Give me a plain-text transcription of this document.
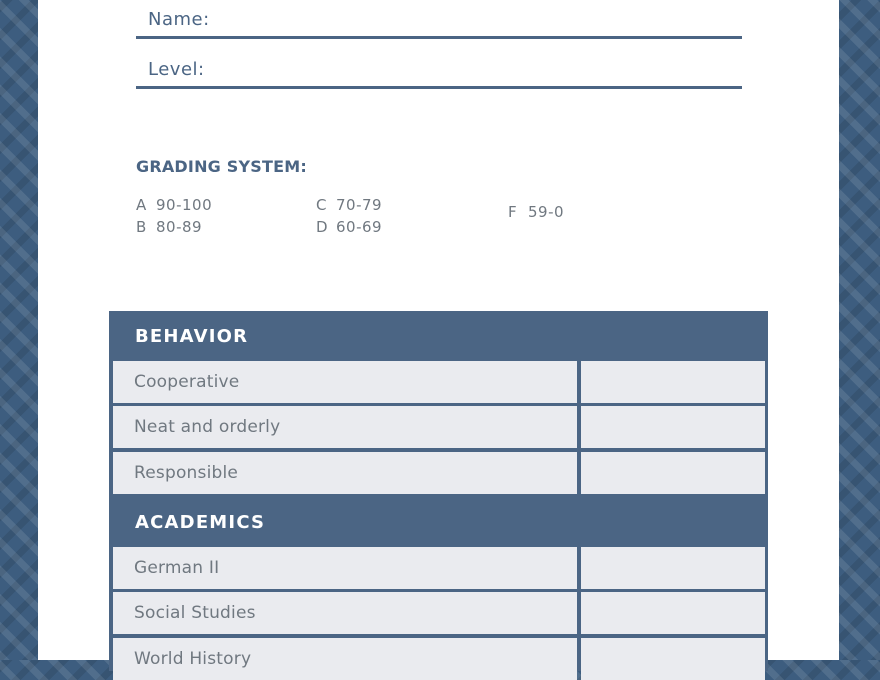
Name:
Level:
GRADING SYSTEM:
A 90-100
B 80-89
C 70-79
D 60-69
F 59-0
BEHAVIOR
Cooperative
Neat and orderly
Responsible
ACADEMICS
German II
Social Studies
World History
